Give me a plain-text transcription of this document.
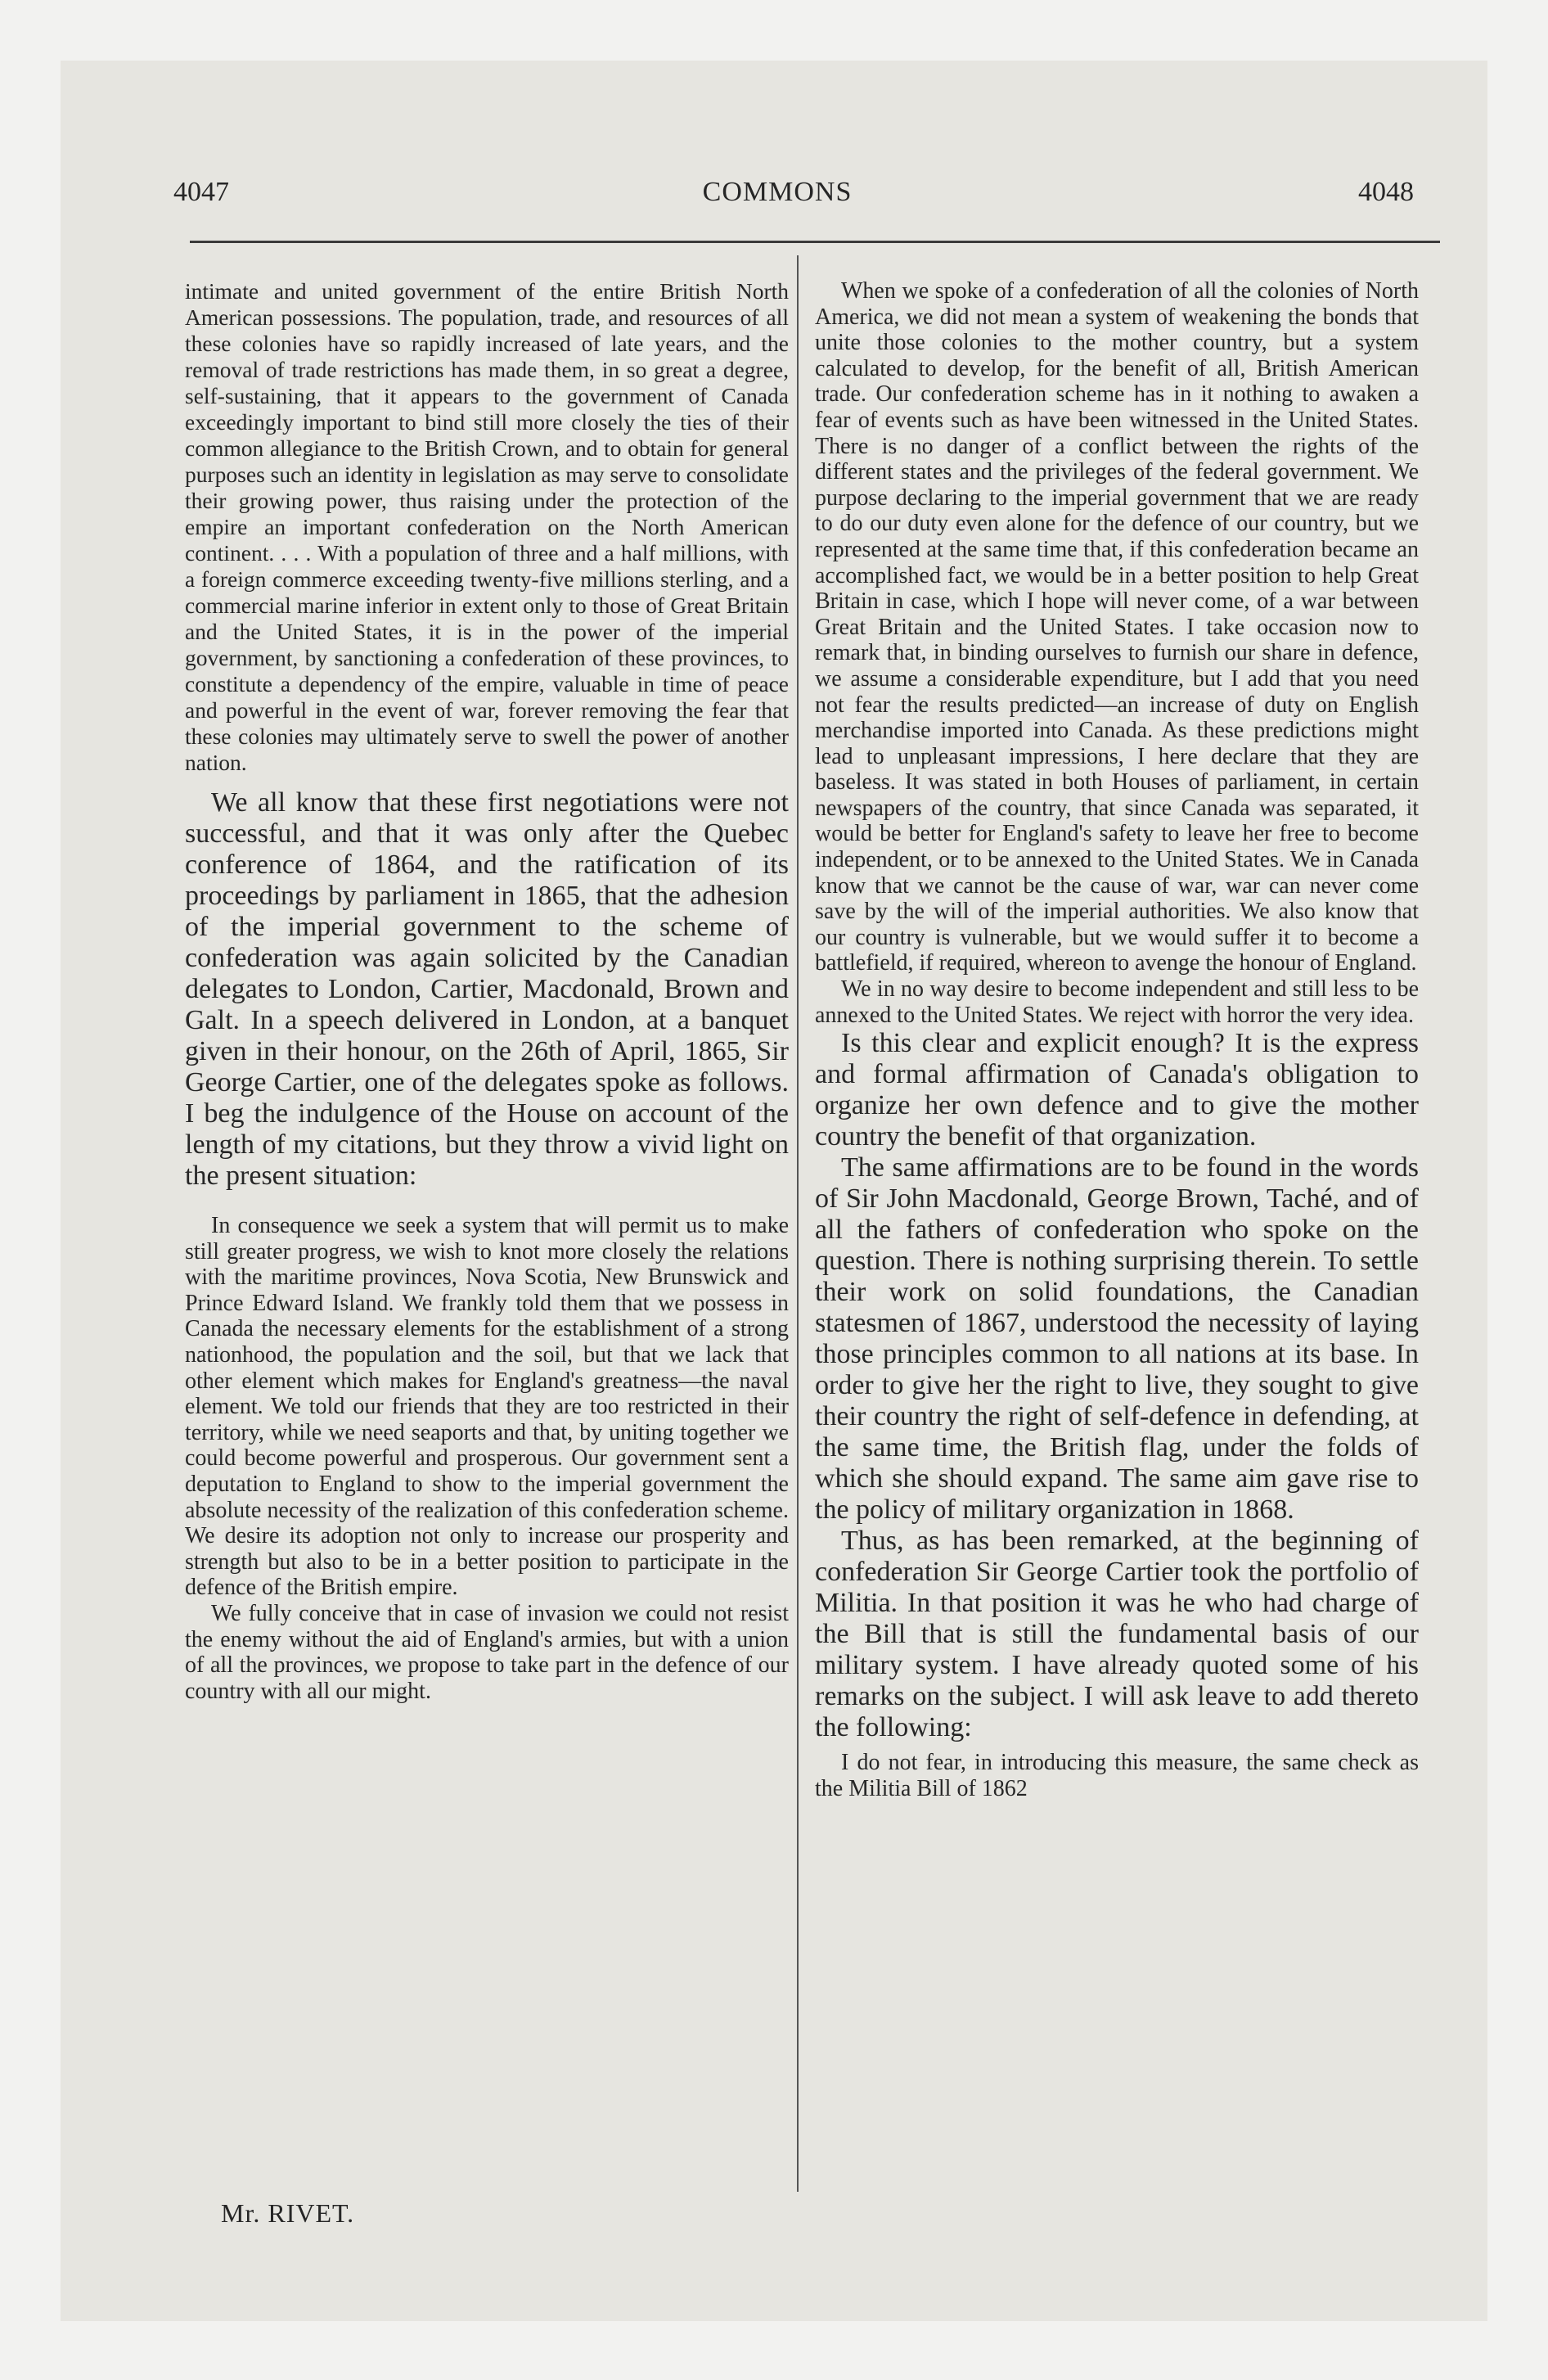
COMMONS
4047	4048

intimate and united government of the entire British North American possessions. The population, trade, and resources of all these colonies have so rapidly increased of late years, and the removal of trade restrictions has made them, in so great a degree, self-sustaining, that it appears to the government of Canada exceedingly important to bind still more closely the ties of their common allegiance to the British Crown, and to obtain for general purposes such an identity in legislation as may serve to consolidate their growing power, thus raising under the protection of the empire an important confederation on the North American continent. . . . With a population of three and a half millions, with a foreign commerce exceeding twenty-five millions sterling, and a commercial marine inferior in extent only to those of Great Britain and the United States, it is in the power of the imperial government, by sanctioning a confederation of these provinces, to constitute a dependency of the empire, valuable in time of peace and powerful in the event of war, forever removing the fear that these colonies may ultimately serve to swell the power of another nation.

We all know that these first negotiations were not successful, and that it was only after the Quebec conference of 1864, and the ratification of its proceedings by parliament in 1865, that the adhesion of the imperial government to the scheme of confederation was again solicited by the Canadian delegates to London, Cartier, Macdonald, Brown and Galt. In a speech delivered in London, at a banquet given in their honour, on the 26th of April, 1865, Sir George Cartier, one of the delegates spoke as follows. I beg the indulgence of the House on account of the length of my citations, but they throw a vivid light on the present situation:

In consequence we seek a system that will permit us to make still greater progress, we wish to knot more closely the relations with the maritime provinces, Nova Scotia, New Brunswick and Prince Edward Island. We frankly told them that we possess in Canada the necessary elements for the establishment of a strong nationhood, the population and the soil, but that we lack that other element which makes for England's greatness—the naval element. We told our friends that they are too restricted in their territory, while we need seaports and that, by uniting together we could become powerful and prosperous. Our government sent a deputation to England to show to the imperial government the absolute necessity of the realization of this confederation scheme. We desire its adoption not only to increase our prosperity and strength but also to be in a better position to participate in the defence of the British empire.

We fully conceive that in case of invasion we could not resist the enemy without the aid of England's armies, but with a union of all the provinces, we propose to take part in the defence of our country with all our might.

When we spoke of a confederation of all the colonies of North America, we did not mean a system of weakening the bonds that unite those colonies to the mother country, but a system calculated to develop, for the benefit of all, British American trade. Our confederation scheme has in it nothing to awaken a fear of events such as have been witnessed in the United States. There is no danger of a conflict between the rights of the different states and the privileges of the federal government. We purpose declaring to the imperial government that we are ready to do our duty even alone for the defence of our country, but we represented at the same time that, if this confederation became an accomplished fact, we would be in a better position to help Great Britain in case, which I hope will never come, of a war between Great Britain and the United States. I take occasion now to remark that, in binding ourselves to furnish our share in defence, we assume a considerable expenditure, but I add that you need not fear the results predicted—an increase of duty on English merchandise imported into Canada. As these predictions might lead to unpleasant impressions, I here declare that they are baseless. It was stated in both Houses of parliament, in certain newspapers of the country, that since Canada was separated, it would be better for England's safety to leave her free to become independent, or to be annexed to the United States. We in Canada know that we cannot be the cause of war, war can never come save by the will of the imperial authorities. We also know that our country is vulnerable, but we would suffer it to become a battlefield, if required, whereon to avenge the honour of England.

We in no way desire to become independent and still less to be annexed to the United States. We reject with horror the very idea.

Is this clear and explicit enough? It is the express and formal affirmation of Canada's obligation to organize her own defence and to give the mother country the benefit of that organization.

The same affirmations are to be found in the words of Sir John Macdonald, George Brown, Taché, and of all the fathers of confederation who spoke on the question. There is nothing surprising therein. To settle their work on solid foundations, the Canadian statesmen of 1867, understood the necessity of laying those principles common to all nations at its base. In order to give her the right to live, they sought to give their country the right of self-defence in defending, at the same time, the British flag, under the folds of which she should expand. The same aim gave rise to the policy of military organization in 1868.

Thus, as has been remarked, at the beginning of confederation Sir George Cartier took the portfolio of Militia. In that position it was he who had charge of the Bill that is still the fundamental basis of our military system. I have already quoted some of his remarks on the subject. I will ask leave to add thereto the following:

I do not fear, in introducing this measure, the same check as the Militia Bill of 1862

Mr. RIVET.
